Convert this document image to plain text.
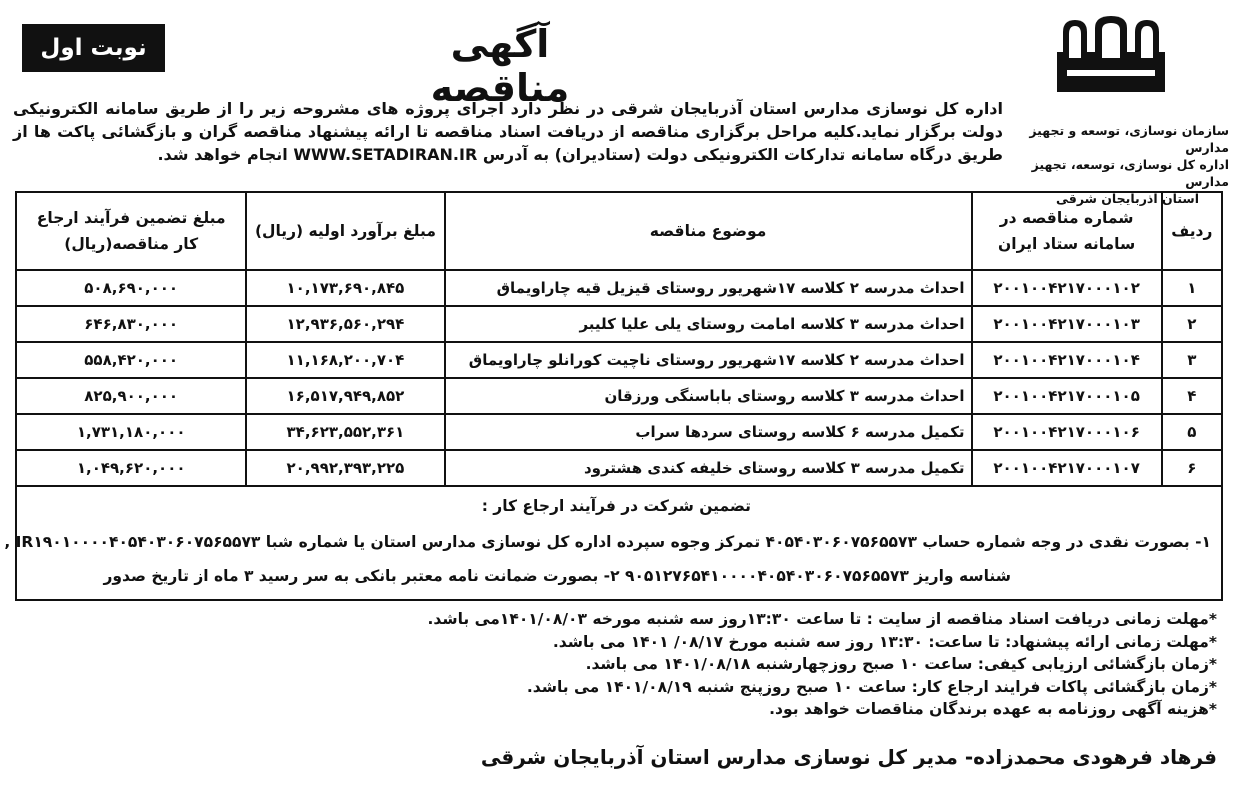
سازمان نوسازی، توسعه و تجهیز مدارس
اداره کل نوسازی، توسعه، تجهیز مدارس
استان آذربایجان شرقی
آگهی مناقصه
نوبت اول
اداره کل نوسازی مدارس استان آذربایجان شرقی در نظر دارد اجرای پروژه های مشروحه زیر را از طریق سامانه الکترونیکی دولت برگزار نماید.کلیه مراحل برگزاری مناقصه از دریافت اسناد مناقصه تا ارائه پیشنهاد مناقصه گران و بازگشائی پاکت ها از طریق درگاه سامانه تدارکات الکترونیکی دولت (ستادیران) به آدرس WWW.SETADIRAN.IR انجام خواهد شد.
ردیف	شماره مناقصه در سامانه ستاد ایران	موضوع مناقصه	مبلغ برآورد اولیه (ریال)	مبلغ تضمین فرآیند ارجاع کار مناقصه(ریال)
۱	۲۰۰۱۰۰۴۲۱۷۰۰۰۱۰۲	احداث مدرسه ۲ کلاسه ۱۷شهریور روستای قیزیل قیه چاراویماق	۱۰,۱۷۳,۶۹۰,۸۴۵	۵۰۸,۶۹۰,۰۰۰
۲	۲۰۰۱۰۰۴۲۱۷۰۰۰۱۰۳	احداث مدرسه ۳ کلاسه امامت روستای یلی علیا کلیبر	۱۲,۹۳۶,۵۶۰,۲۹۴	۶۴۶,۸۳۰,۰۰۰
۳	۲۰۰۱۰۰۴۲۱۷۰۰۰۱۰۴	احداث مدرسه ۲ کلاسه ۱۷شهریور روستای ناچیت کورانلو چاراویماق	۱۱,۱۶۸,۲۰۰,۷۰۴	۵۵۸,۴۲۰,۰۰۰
۴	۲۰۰۱۰۰۴۲۱۷۰۰۰۱۰۵	احداث مدرسه ۳ کلاسه روستای باباسنگی ورزقان	۱۶,۵۱۷,۹۴۹,۸۵۲	۸۲۵,۹۰۰,۰۰۰
۵	۲۰۰۱۰۰۴۲۱۷۰۰۰۱۰۶	تکمیل مدرسه ۶ کلاسه روستای سردها سراب	۳۴,۶۲۳,۵۵۲,۳۶۱	۱,۷۳۱,۱۸۰,۰۰۰
۶	۲۰۰۱۰۰۴۲۱۷۰۰۰۱۰۷	تکمیل مدرسه ۳ کلاسه روستای خلیفه کندی هشترود	۲۰,۹۹۲,۳۹۳,۲۲۵	۱,۰۴۹,۶۲۰,۰۰۰
تضمین شرکت در فرآیند ارجاع کار :
۱- بصورت نقدی در وجه شماره حساب ۴۰۵۴۰۳۰۶۰۷۵۶۵۵۷۳ تمرکز وجوه سپرده اداره کل نوسازی مدارس استان یا شماره شبا IR۱۹۰۱۰۰۰۰۴۰۵۴۰۳۰۶۰۷۵۶۵۵۷۳ ,
شناسه واریز ۹۰۵۱۲۷۶۵۴۱۰۰۰۰۴۰۵۴۰۳۰۶۰۷۵۶۵۵۷۳ ۲- بصورت ضمانت نامه معتبر بانکی به سر رسید ۳ ماه از تاریخ صدور
*مهلت زمانی دریافت اسناد مناقصه از سایت : تا ساعت ۱۳:۳۰روز سه شنبه مورخه ۱۴۰۱/۰۸/۰۳می باشد.
*مهلت زمانی ارائه پیشنهاد: تا ساعت: ۱۳:۳۰ روز سه شنبه مورخ ۰۸/۱۷/ ۱۴۰۱ می باشد.
*زمان بازگشائی ارزیابی کیفی: ساعت ۱۰ صبح روزچهارشنبه ۱۴۰۱/۰۸/۱۸ می باشد.
*زمان بازگشائی پاکات فرایند ارجاع کار: ساعت ۱۰ صبح روزپنج شنبه ۱۴۰۱/۰۸/۱۹ می باشد.
*هزینه آگهی روزنامه به عهده برندگان مناقصات خواهد بود.
فرهاد فرهودی محمدزاده- مدیر کل نوسازی مدارس استان آذربایجان شرقی
